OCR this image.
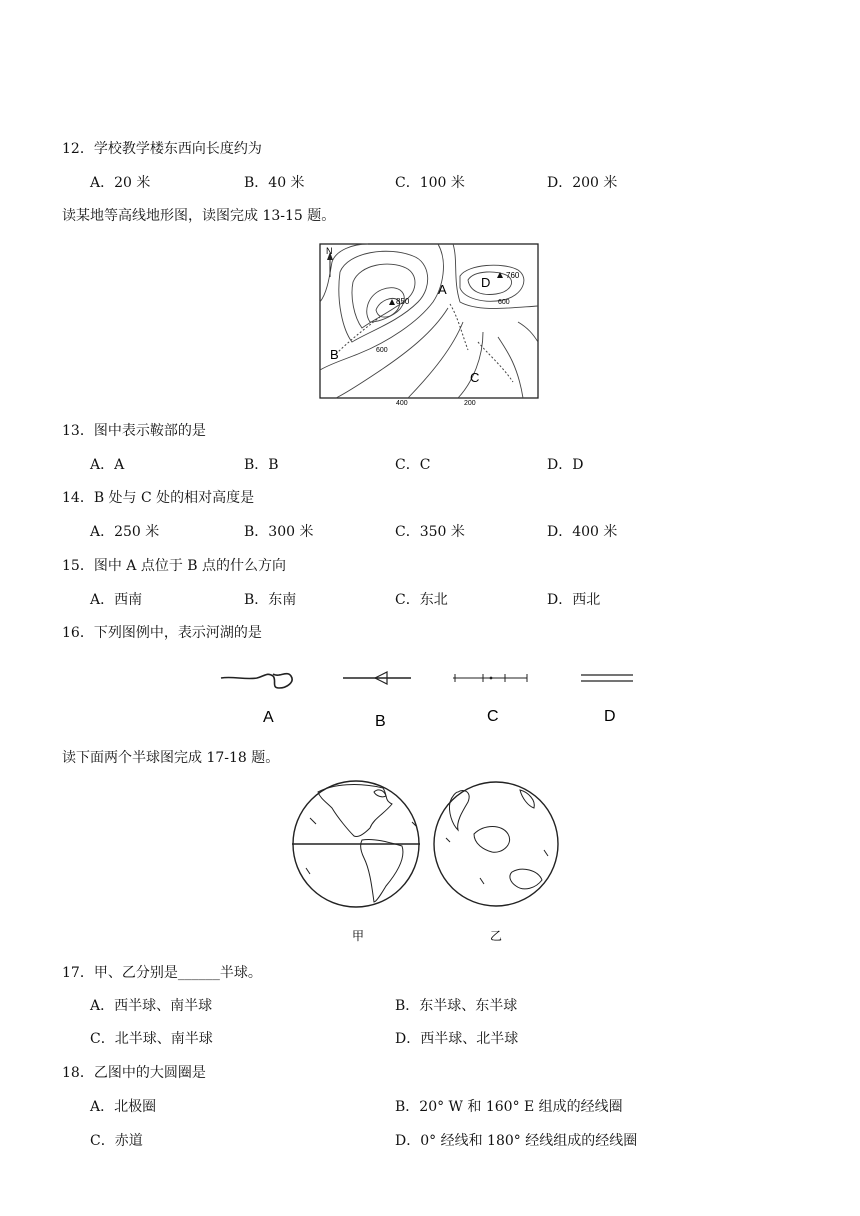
12．学校教学楼东西向长度约为
A．20 米	B．40 米	C．100 米	D．200 米
读某地等高线地形图，读图完成 13-15 题。
N
850
760
600
600
400	200
A
B
C
D
13．图中表示鞍部的是
A．A	B．B	C．C	D．D
14．B 处与 C 处的相对高度是
A．250 米	B．300 米	C．350 米	D．400 米
15．图中 A 点位于 B 点的什么方向
A．西南	B．东南	C．东北	D．西北
16．下列图例中，表示河湖的是
A	B	C	D
读下面两个半球图完成 17-18 题。
甲	乙
17．甲、乙分别是______半球。
A．西半球、南半球	B．东半球、东半球
C．北半球、南半球	D．西半球、北半球
18．乙图中的大圆圈是
A．北极圈	B．20° W 和 160° E 组成的经线圈
C．赤道	D．0° 经线和 180° 经线组成的经线圈
